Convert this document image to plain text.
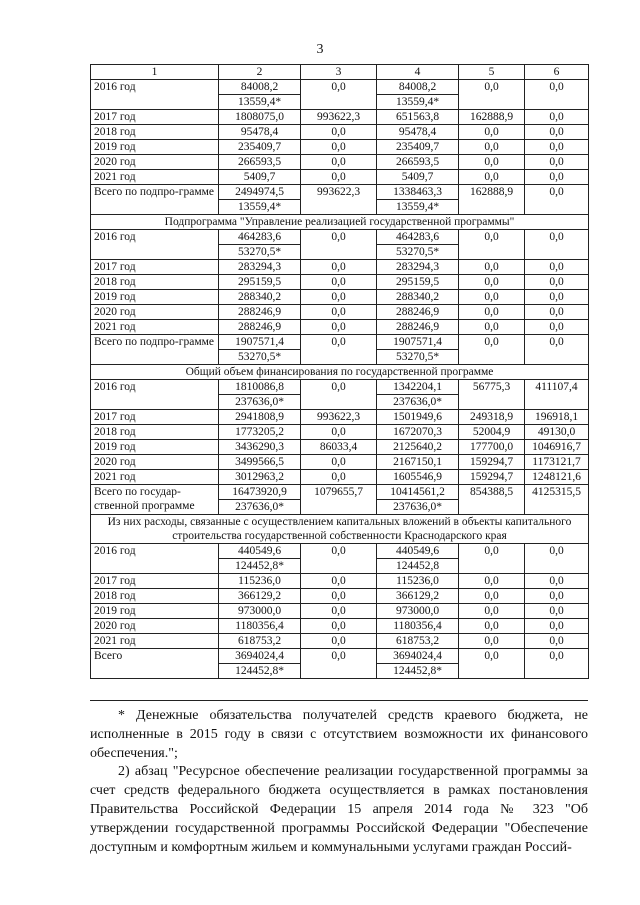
3
1	2	3	4	5	6
2016 год	84008,2	0,0	84008,2	0,0	0,0
	13559,4*		13559,4*		
2017 год	1808075,0	993622,3	651563,8	162888,9	0,0
2018 год	95478,4	0,0	95478,4	0,0	0,0
2019 год	235409,7	0,0	235409,7	0,0	0,0
2020 год	266593,5	0,0	266593,5	0,0	0,0
2021 год	5409,7	0,0	5409,7	0,0	0,0
Всего по подпро-грамме	2494974,5	993622,3	1338463,3	162888,9	0,0
	13559,4*		13559,4*		
Подпрограмма "Управление реализацией государственной программы"					
2016 год	464283,6	0,0	464283,6	0,0	0,0
	53270,5*		53270,5*		
2017 год	283294,3	0,0	283294,3	0,0	0,0
2018 год	295159,5	0,0	295159,5	0,0	0,0
2019 год	288340,2	0,0	288340,2	0,0	0,0
2020 год	288246,9	0,0	288246,9	0,0	0,0
2021 год	288246,9	0,0	288246,9	0,0	0,0
Всего по подпро-грамме	1907571,4	0,0	1907571,4	0,0	0,0
	53270,5*		53270,5*		
Общий объем финансирования по государственной программе					
2016 год	1810086,8	0,0	1342204,1	56775,3	411107,4
	237636,0*		237636,0*		
2017 год	2941808,9	993622,3	1501949,6	249318,9	196918,1
2018 год	1773205,2	0,0	1672070,3	52004,9	49130,0
2019 год	3436290,3	86033,4	2125640,2	177700,0	1046916,7
2020 год	3499566,5	0,0	2167150,1	159294,7	1173121,7
2021 год	3012963,2	0,0	1605546,9	159294,7	1248121,6
Всего по государ-ственной программе	16473920,9	1079655,7	10414561,2	854388,5	4125315,5
	237636,0*		237636,0*		
Из них расходы, связанные с осуществлением капитальных вложений в объекты капитального строительства государственной собственности Краснодарского края					
2016 год	440549,6	0,0	440549,6	0,0	0,0
	124452,8*		124452,8		
2017 год	115236,0	0,0	115236,0	0,0	0,0
2018 год	366129,2	0,0	366129,2	0,0	0,0
2019 год	973000,0	0,0	973000,0	0,0	0,0
2020 год	1180356,4	0,0	1180356,4	0,0	0,0
2021 год	618753,2	0,0	618753,2	0,0	0,0
Всего	3694024,4	0,0	3694024,4	0,0	0,0
	124452,8*		124452,8*		

* Денежные обязательства получателей средств краевого бюджета, не исполненные в 2015 году в связи с отсутствием возможности их финансового обеспечения.";

2) абзац "Ресурсное обеспечение реализации государственной программы за счет средств федерального бюджета осуществляется в рамках постановления Правительства Российской Федерации 15 апреля 2014 года № 323 "Об утверждении государственной программы Российской Федерации "Обеспечение доступным и комфортным жильем и коммунальными услугами граждан Россий-
